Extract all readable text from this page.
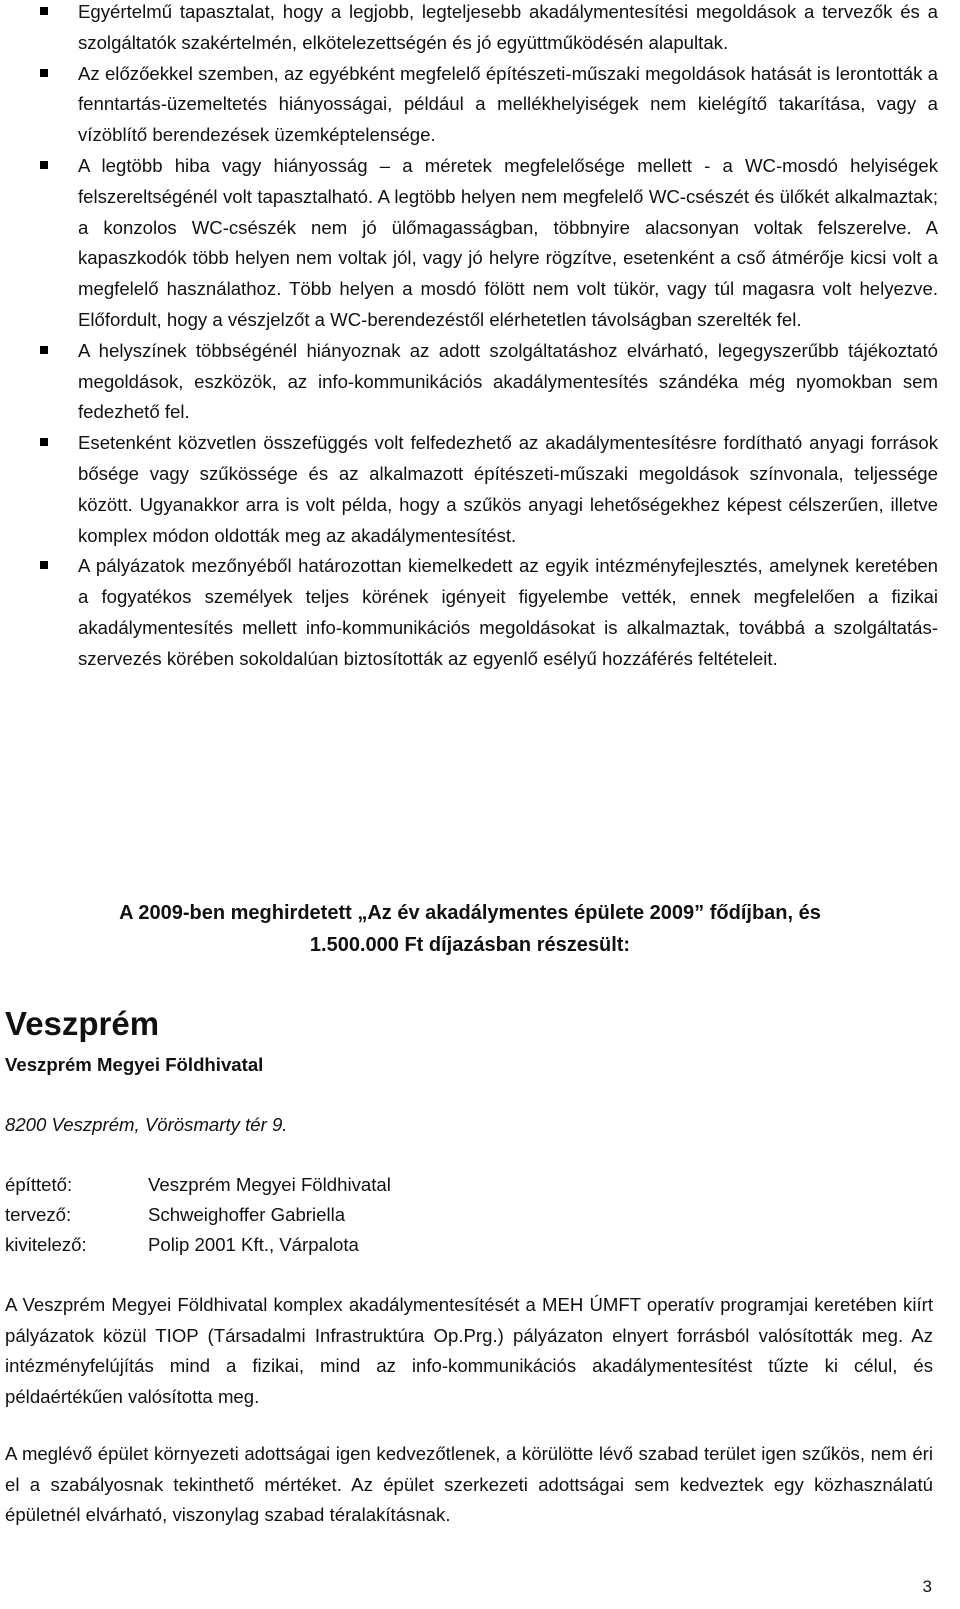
Egyértelmű tapasztalat, hogy a legjobb, legteljesebb akadálymentesítési megoldások a tervezők és a szolgáltatók szakértelmén, elkötelezettségén és jó együttműködésén alapultak.
Az előzőekkel szemben, az egyébként megfelelő építészeti-műszaki megoldások hatását is lerontották a fenntartás-üzemeltetés hiányosságai, például a mellékhelyiségek nem kielégítő takarítása, vagy a vízöblítő berendezések üzemképtelensége.
A legtöbb hiba vagy hiányosság – a méretek megfelelősége mellett - a WC-mosdó helyiségek felszereltségénél volt tapasztalható. A legtöbb helyen nem megfelelő WC-csészét és ülőkét alkalmaztak; a konzolos WC-csészék nem jó ülőmagasságban, többnyire alacsonyan voltak felszerelve. A kapaszkodók több helyen nem voltak jól, vagy jó helyre rögzítve, esetenként a cső átmérője kicsi volt a megfelelő használathoz. Több helyen a mosdó fölött nem volt tükör, vagy túl magasra volt helyezve. Előfordult, hogy a vészjelzőt a WC-berendezéstől elérhetetlen távolságban szerelték fel.
A helyszínek többségénél hiányoznak az adott szolgáltatáshoz elvárható, legegyszerűbb tájékoztató megoldások, eszközök, az info-kommunikációs akadálymentesítés szándéka még nyomokban sem fedezhető fel.
Esetenként közvetlen összefüggés volt felfedezhető az akadálymentesítésre fordítható anyagi források bősége vagy szűkössége és az alkalmazott építészeti-műszaki megoldások színvonala, teljessége között. Ugyanakkor arra is volt példa, hogy a szűkös anyagi lehetőségekhez képest célszerűen, illetve komplex módon oldották meg az akadálymentesítést.
A pályázatok mezőnyéből határozottan kiemelkedett az egyik intézményfejlesztés, amelynek keretében a fogyatékos személyek teljes körének igényeit figyelembe vették, ennek megfelelően a fizikai akadálymentesítés mellett info-kommunikációs megoldásokat is alkalmaztak, továbbá a szolgáltatás-szervezés körében sokoldalúan biztosították az egyenlő esélyű hozzáférés feltételeit.
A 2009-ben meghirdetett „Az év akadálymentes épülete 2009” fődíjban, és
1.500.000 Ft díjazásban részesült:
Veszprém
Veszprém Megyei Földhivatal
8200 Veszprém, Vörösmarty tér 9.
építtető:	Veszprém Megyei Földhivatal
tervező:	Schweighoffer Gabriella
kivitelező:	Polip 2001 Kft., Várpalota

A Veszprém Megyei Földhivatal komplex akadálymentesítését a MEH ÚMFT operatív programjai keretében kiírt pályázatok közül TIOP (Társadalmi Infrastruktúra Op.Prg.) pályázaton elnyert forrásból valósították meg. Az intézményfelújítás mind a fizikai, mind az info-kommunikációs akadálymentesítést tűzte ki célul, és példaértékűen valósította meg.

A meglévő épület környezeti adottságai igen kedvezőtlenek, a körülötte lévő szabad terület igen szűkös, nem éri el a szabályosnak tekinthető mértéket. Az épület szerkezeti adottságai sem kedveztek egy közhasználatú épületnél elvárható, viszonylag szabad téralakításnak.

3
